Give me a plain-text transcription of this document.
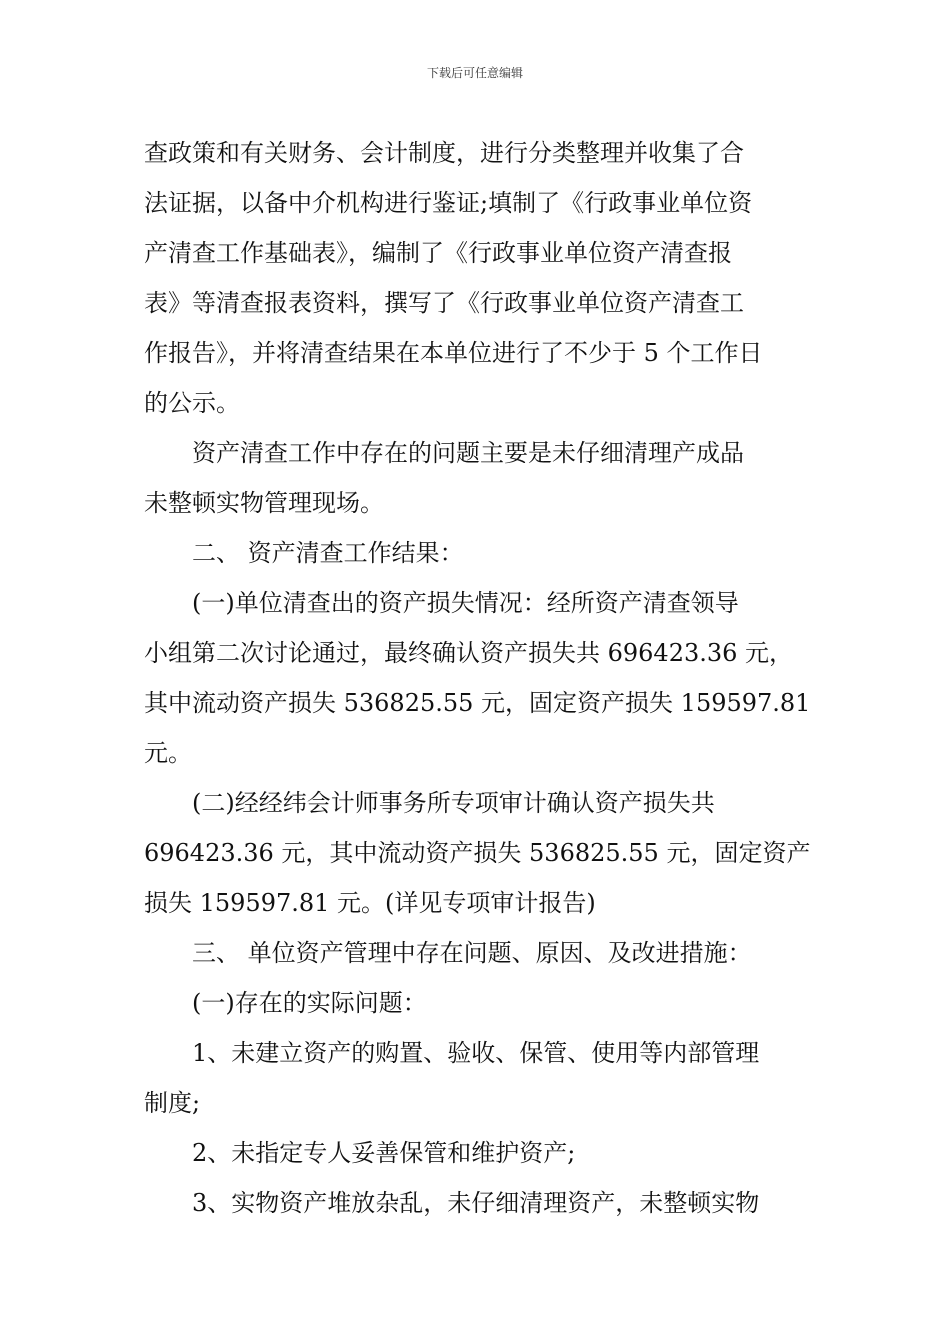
下载后可任意编辑

查政策和有关财务、会计制度，进行分类整理并收集了合

法证据，以备中介机构进行鉴证;填制了《行政事业单位资

产清查工作基础表》，编制了《行政事业单位资产清查报

表》等清查报表资料，撰写了《行政事业单位资产清查工

作报告》，并将清查结果在本单位进行了不少于 5 个工作日

的公示。

　　资产清查工作中存在的问题主要是未仔细清理产成品

未整顿实物管理现场。

　　二、 资产清查工作结果：

　　(一)单位清查出的资产损失情况：经所资产清查领导

小组第二次讨论通过，最终确认资产损失共 696423.36 元，

其中流动资产损失 536825.55 元，固定资产损失 159597.81

元。

　　(二)经经纬会计师事务所专项审计确认资产损失共

696423.36 元，其中流动资产损失 536825.55 元，固定资产

损失 159597.81 元。(详见专项审计报告)

　　三、 单位资产管理中存在问题、原因、及改进措施：

　　(一)存在的实际问题：

　　1、未建立资产的购置、验收、保管、使用等内部管理

制度;

　　2、未指定专人妥善保管和维护资产;

　　3、实物资产堆放杂乱，未仔细清理资产，未整顿实物
